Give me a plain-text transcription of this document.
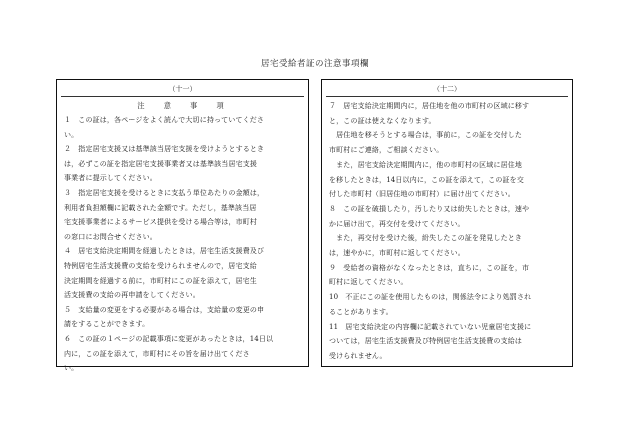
居宅受給者証の注意事項欄
（十一）
注　意　事　項
１　この証は，各ページをよく読んで大切に持っていてくださ
い。
２　指定居宅支援又は基準該当居宅支援を受けようとするとき
は，必ずこの証を指定居宅支援事業者又は基準該当居宅支援
事業者に提示してください。
３　指定居宅支援を受けるときに支払う単位あたりの金額は，
利用者負担額欄に記載された金額です。ただし，基準該当居
宅支援事業者によるサービス提供を受ける場合等は，市町村
の窓口にお問合せください。
４　居宅支給決定期間を経過したときは，居宅生活支援費及び
特例居宅生活支援費の支給を受けられませんので，居宅支給
決定期間を経過する前に，市町村にこの証を添えて，居宅生
活支援費の支給の再申請をしてください。
５　支給量の変更をする必要がある場合は，支給量の変更の申
請をすることができます。
６　この証の１ページの記載事項に変更があったときは，14日以
内に，この証を添えて，市町村にその旨を届け出てくださ
い。
（十二）
７　居宅支給決定期間内に，居住地を他の市町村の区域に移す
と，この証は使えなくなります。
　居住地を移そうとする場合は，事前に，この証を交付した
市町村にご連絡，ご相談ください。
　また，居宅支給決定期間内に，他の市町村の区域に居住地
を移したときは，14日以内に，この証を添えて，この証を交
付した市町村（旧居住地の市町村）に届け出てください。
８　この証を破損したり，汚したり又は紛失したときは，速や
かに届け出て，再交付を受けてください。
　また，再交付を受けた後，紛失したこの証を発見したとき
は，速やかに，市町村に返してください。
９　受給者の資格がなくなったときは，直ちに，この証を，市
町村に返してください。
10　不正にこの証を使用したものは，関係法令により処罰され
ることがあります。
11　居宅支給決定の内容欄に記載されていない児童居宅支援に
ついては，居宅生活支援費及び特例居宅生活支援費の支給は
受けられません。
